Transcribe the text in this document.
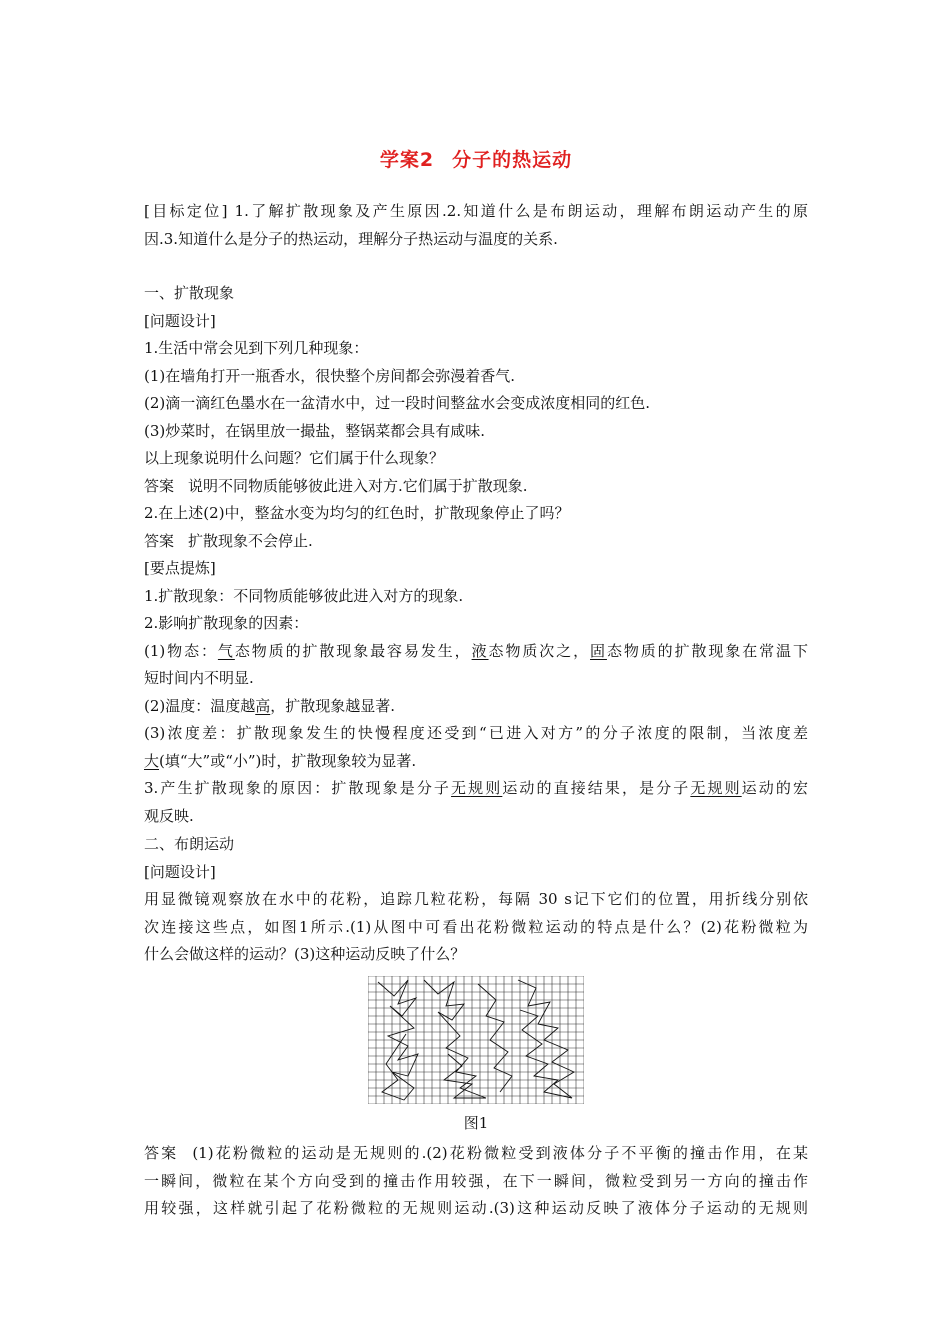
学案2 分子的热运动
[目标定位] 1.了解扩散现象及产生原因.2.知道什么是布朗运动，理解布朗运动产生的原
因.3.知道什么是分子的热运动，理解分子热运动与温度的关系.
一、扩散现象
[问题设计]
1.生活中常会见到下列几种现象：
(1)在墙角打开一瓶香水，很快整个房间都会弥漫着香气.
(2)滴一滴红色墨水在一盆清水中，过一段时间整盆水会变成浓度相同的红色.
(3)炒菜时，在锅里放一撮盐，整锅菜都会具有咸味.
以上现象说明什么问题？它们属于什么现象？
答案 说明不同物质能够彼此进入对方.它们属于扩散现象.
2.在上述(2)中，整盆水变为均匀的红色时，扩散现象停止了吗？
答案 扩散现象不会停止.
[要点提炼]
1.扩散现象：不同物质能够彼此进入对方的现象.
2.影响扩散现象的因素：
(1)物态：气态物质的扩散现象最容易发生，液态物质次之，固态物质的扩散现象在常温下
短时间内不明显.
(2)温度：温度越高，扩散现象越显著.
(3)浓度差：扩散现象发生的快慢程度还受到“已进入对方”的分子浓度的限制，当浓度差
大(填“大”或“小”)时，扩散现象较为显著.
3.产生扩散现象的原因：扩散现象是分子无规则运动的直接结果，是分子无规则运动的宏
观反映.
二、布朗运动
[问题设计]
用显微镜观察放在水中的花粉，追踪几粒花粉，每隔 30 s记下它们的位置，用折线分别依
次连接这些点，如图1所示.(1)从图中可看出花粉微粒运动的特点是什么？(2)花粉微粒为
什么会做这样的运动？(3)这种运动反映了什么？
图1
答案 (1)花粉微粒的运动是无规则的.(2)花粉微粒受到液体分子不平衡的撞击作用，在某
一瞬间，微粒在某个方向受到的撞击作用较强，在下一瞬间，微粒受到另一方向的撞击作
用较强，这样就引起了花粉微粒的无规则运动.(3)这种运动反映了液体分子运动的无规则
